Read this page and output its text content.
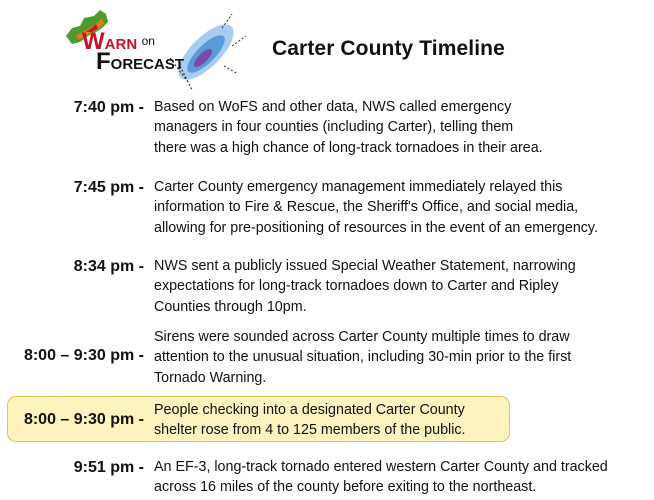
WARN $^{on}$
FORECAST
Carter County Timeline
7:40 pm - Based on WoFS and other data, NWS called emergency
managers in four counties (including Carter), telling them
there was a high chance of long-track tornadoes in their area.
7:45 pm - Carter County emergency management immediately relayed this
information to Fire & Rescue, the Sheriff's Office, and social media,
allowing for pre-positioning of resources in the event of an emergency.
8:34 pm - NWS sent a publicly issued Special Weather Statement, narrowing
expectations for long-track tornadoes down to Carter and Ripley
Counties through 10pm.
8:00 – 9:30 pm -
Sirens were sounded across Carter County multiple times to draw
attention to the unusual situation, including 30-min prior to the first
Tornado Warning.
8:00 – 9:30 pm -
People checking into a designated Carter County
shelter rose from 4 to 125 members of the public.
9:51 pm - An EF-3, long-track tornado entered western Carter County and tracked
across 16 miles of the county before exiting to the northeast.
